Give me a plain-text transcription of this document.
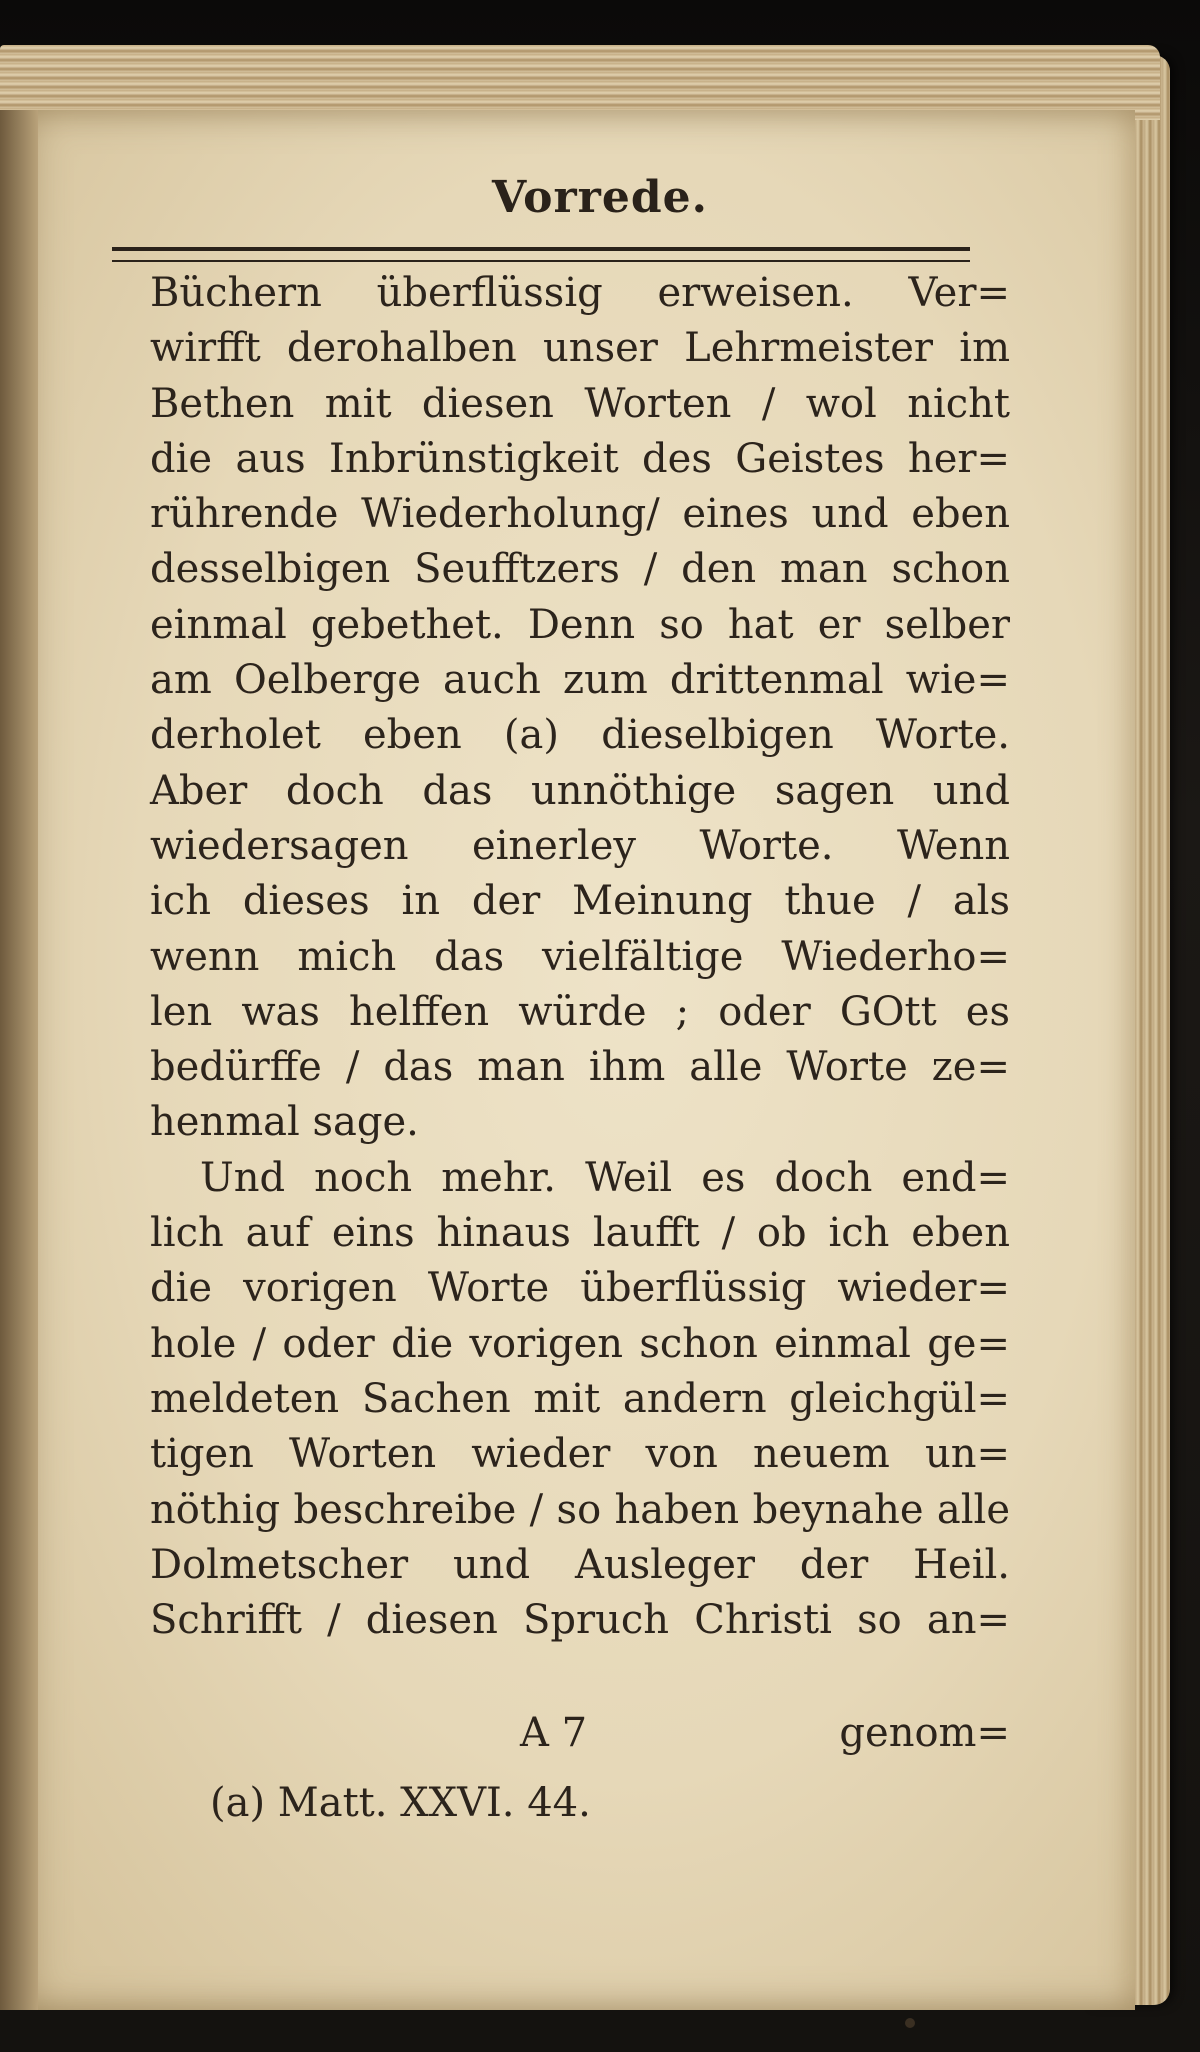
Vorrede.
Büchern überflüssig erweisen. Ver=
wirfft derohalben unser Lehrmeister im
Bethen mit diesen Worten / wol nicht
die aus Inbrünstigkeit des Geistes her=
rührende Wiederholung/ eines und eben
desselbigen Seufftzers / den man schon
einmal gebethet. Denn so hat er selber
am Oelberge auch zum drittenmal wie=
derholet eben (a) dieselbigen Worte.
Aber doch das unnöthige sagen und
wiedersagen einerley Worte. Wenn
ich dieses in der Meinung thue / als
wenn mich das vielfältige Wiederho=
len was helffen würde ; oder GOtt es
bedürffe / das man ihm alle Worte ze=
henmal sage.
Und noch mehr. Weil es doch end=
lich auf eins hinaus laufft / ob ich eben
die vorigen Worte überflüssig wieder=
hole / oder die vorigen schon einmal ge=
meldeten Sachen mit andern gleichgül=
tigen Worten wieder von neuem un=
nöthig beschreibe / so haben beynahe alle
Dolmetscher und Ausleger der Heil.
Schrifft / diesen Spruch Christi so an=
A 7	genom=
(a) Matt. XXVI. 44.
